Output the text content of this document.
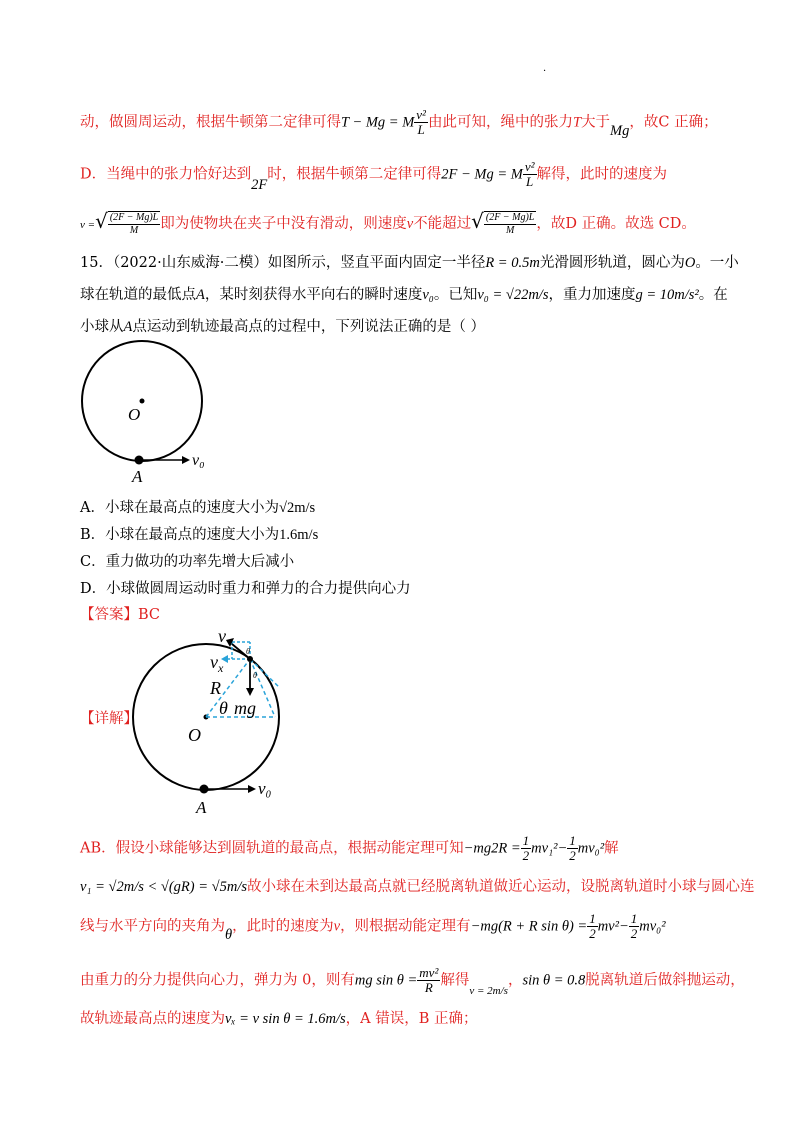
·
动，做圆周运动，根据牛顿第二定律可得T − Mg = M $\frac{\text{v²}}{L}$ 由此可知，绳中的张力T大于Mg，故C 正确；
D．当绳中的张力恰好达到2F时，根据牛顿第二定律可得2F − Mg = M $\frac{\text{v²}}{L}$ 解得，此时的速度为
v =√ $\frac{(2F - Mg)L}{M}$ 即为使物块在夹子中没有滑动，则速度v不能超过√ $\frac{(2F - Mg)L}{M}$ ，故D 正确。故选 CD。
15．（2022·山东威海·二模）如图所示，竖直平面内固定一半径R = 0.5m光滑圆形轨道，圆心为O。一小
球在轨道的最低点A，某时刻获得水平向右的瞬时速度v₀。已知v₀ = √22m/s，重力加速度g = 10m/s²。在
小球从A点运动到轨迹最高点的过程中，下列说法正确的是（ ）
O
v₀
A
A．小球在最高点的速度大小为√2m/s
B．小球在最高点的速度大小为1.6m/s
C．重力做功的功率先增大后减小
D．小球做圆周运动时重力和弹力的合力提供向心力
【答案】BC
【详解】
O
v
$v_x$
θ
θ
R
θ mg
v₀
A
AB．假设小球能够达到圆轨道的最高点，根据动能定理可知$-mg2R = \frac{1}{2} mv_1^2- \frac{1}{2} mv_0^2$解
v₁ = √2m/s < √(gR) = √5m/s故小球在未到达最高点就已经脱离轨道做近心运动，设脱离轨道时小球与圆心连
线与水平方向的夹角为θ，此时的速度为v，则根据动能定理有−mg(R + R $\sin \theta) = \frac{1}{2} mv^2- \frac{1}{2} mv_0^2$
由重力的分力提供向心力，弹力为 0，则有mg $\sin \theta = \frac{\text{mv²}}{R}$ 解得$_{v = 2m/s}$，sin θ = 0.8脱离轨道后做斜抛运动，
故轨迹最高点的速度为vₓ = v sin θ = 1.6m/s，A 错误，B 正确；
